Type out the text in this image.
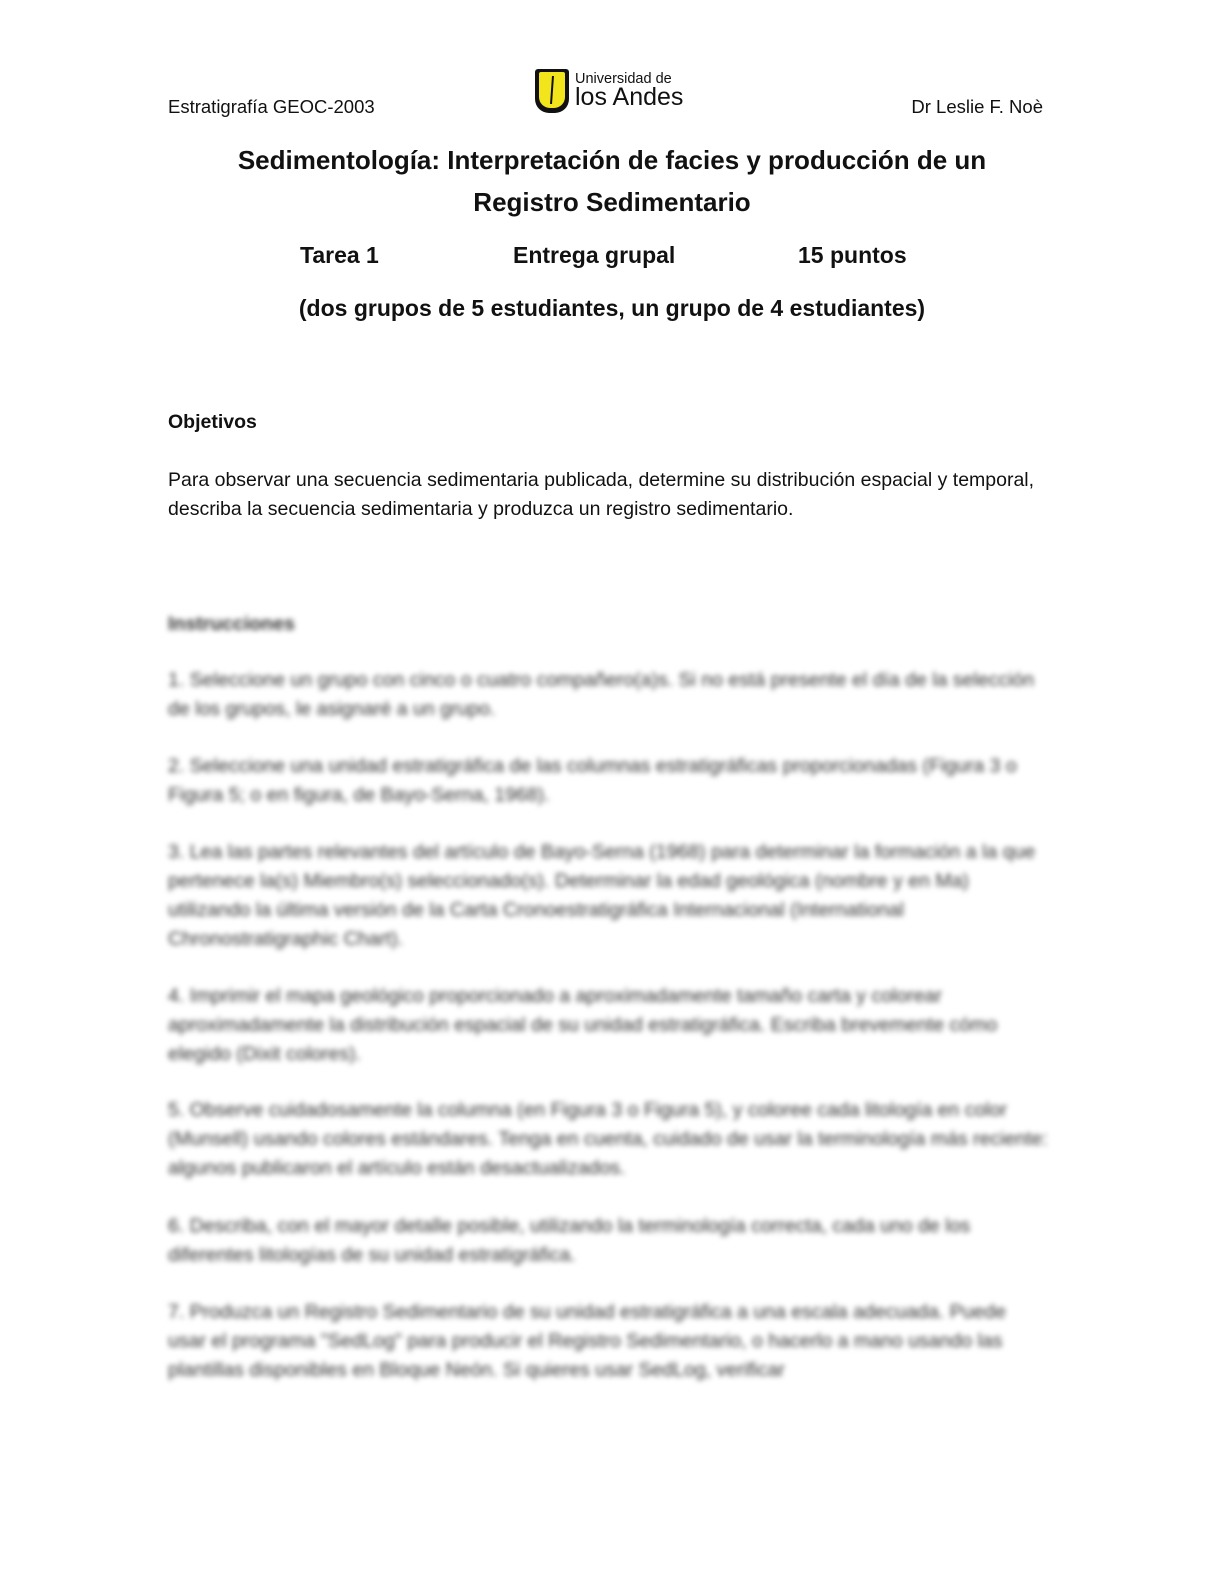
Estratigrafía GEOC-2003	Dr Leslie F. Noè
Universidad de
los Andes
Sedimentología: Interpretación de facies y producción de un
Registro Sedimentario
Tarea 1	Entrega grupal	15 puntos
(dos grupos de 5 estudiantes, un grupo de 4 estudiantes)
Objetivos
Para observar una secuencia sedimentaria publicada, determine su distribución espacial y temporal, describa la secuencia sedimentaria y produzca un registro sedimentario.
Instrucciones
1. Seleccione un grupo con cinco o cuatro compañero(a)s. Si no está presente el día de la selección de los grupos, le asignaré a un grupo.
2. Seleccione una unidad estratigráfica de las columnas estratigráficas proporcionadas (Figura 3 o Figura 5; o en figura, de Bayo-Serna, 1968).
3. Lea las partes relevantes del artículo de Bayo-Serna (1968) para determinar la formación a la que pertenece la(s) Miembro(s) seleccionado(s). Determinar la edad geológica (nombre y en Ma) utilizando la última versión de la Carta Cronoestratigráfica Internacional (International Chronostratigraphic Chart).
4. Imprimir el mapa geológico proporcionado a aproximadamente tamaño carta y colorear aproximadamente la distribución espacial de su unidad estratigráfica. Escriba brevemente cómo elegido (Dixit colores).
5. Observe cuidadosamente la columna (en Figura 3 o Figura 5), y coloree cada litología en color (Munsell) usando colores estándares. Tenga en cuenta, cuidado de usar la terminología más reciente: algunos publicaron el artículo están desactualizados.
6. Describa, con el mayor detalle posible, utilizando la terminología correcta, cada uno de los diferentes litologías de su unidad estratigráfica.
7. Produzca un Registro Sedimentario de su unidad estratigráfica a una escala adecuada. Puede usar el programa "SedLog" para producir el Registro Sedimentario, o hacerlo a mano usando las plantillas disponibles en Bloque Neón. Si quieres usar SedLog, verificar
